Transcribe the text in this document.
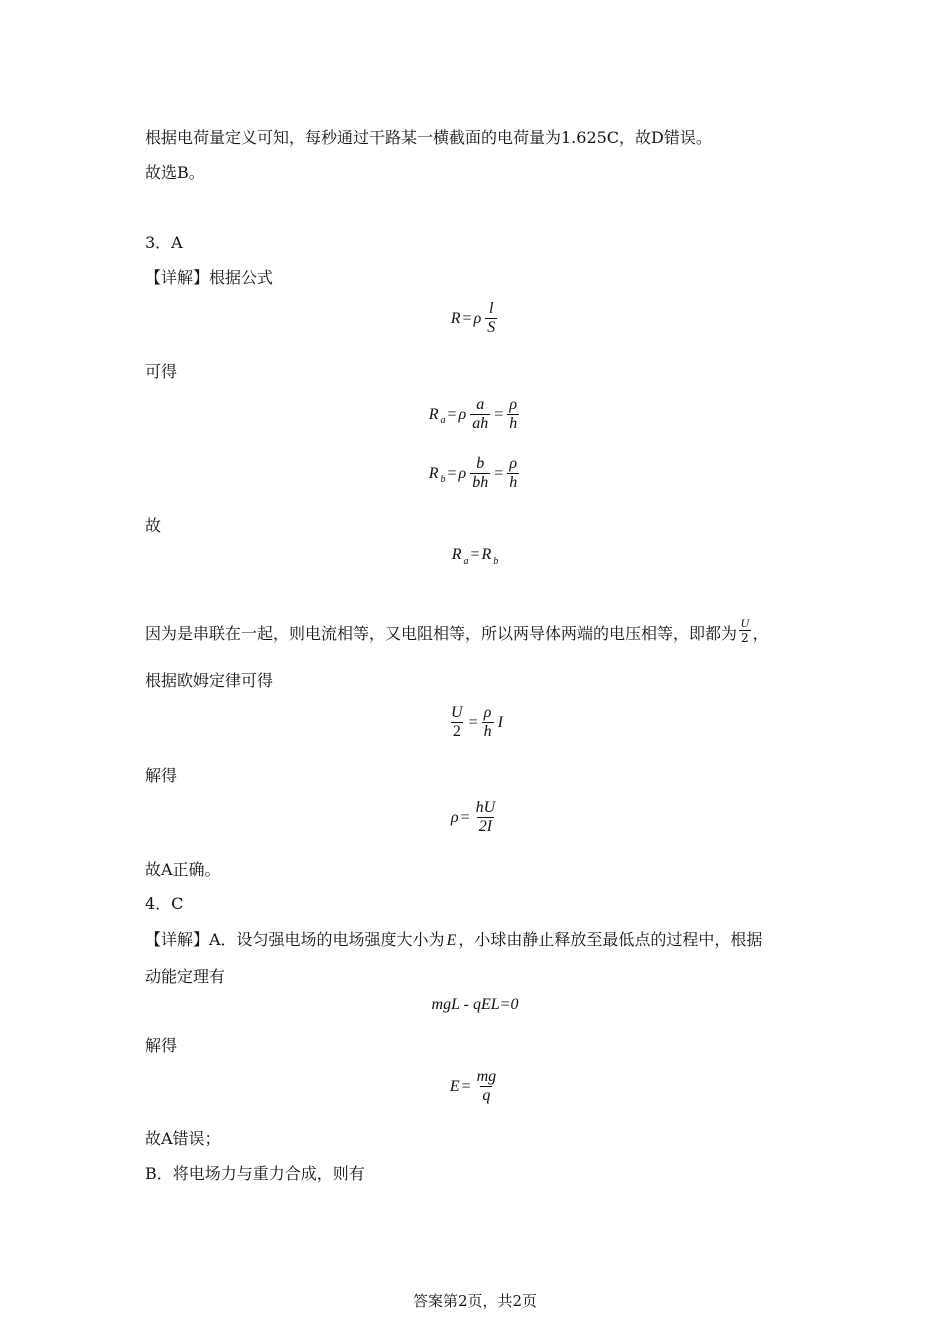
根据电荷量定义可知，每秒通过干路某一横截面的电荷量为1.625C，故D错误。
故选B。
3．A
【详解】根据公式
R = ρ $\frac{l}{S}$
可得
R a = ρ $\frac{a}{ah} = \frac{\rho}{h}$
R b = ρ $\frac{b}{bh} = \frac{\rho}{h}$
故
R a = R b
因为是串联在一起，则电流相等，又电阻相等，所以两导体两端的电压相等，即都为 $\frac{U}{2}$ ，
根据欧姆定律可得
$\frac{U}{2} = \frac{\rho}{h}$ I
解得
$\rho = \frac{hU}{2I}$
故A正确。
4．C
【详解】A．设匀强电场的电场强度大小为 E ，小球由静止释放至最低点的过程中，根据
动能定理有
mgL - qEL=0
解得
$E = \frac{mg}{q}$
故A错误；
B．将电场力与重力合成，则有
答案第2页，共2页
